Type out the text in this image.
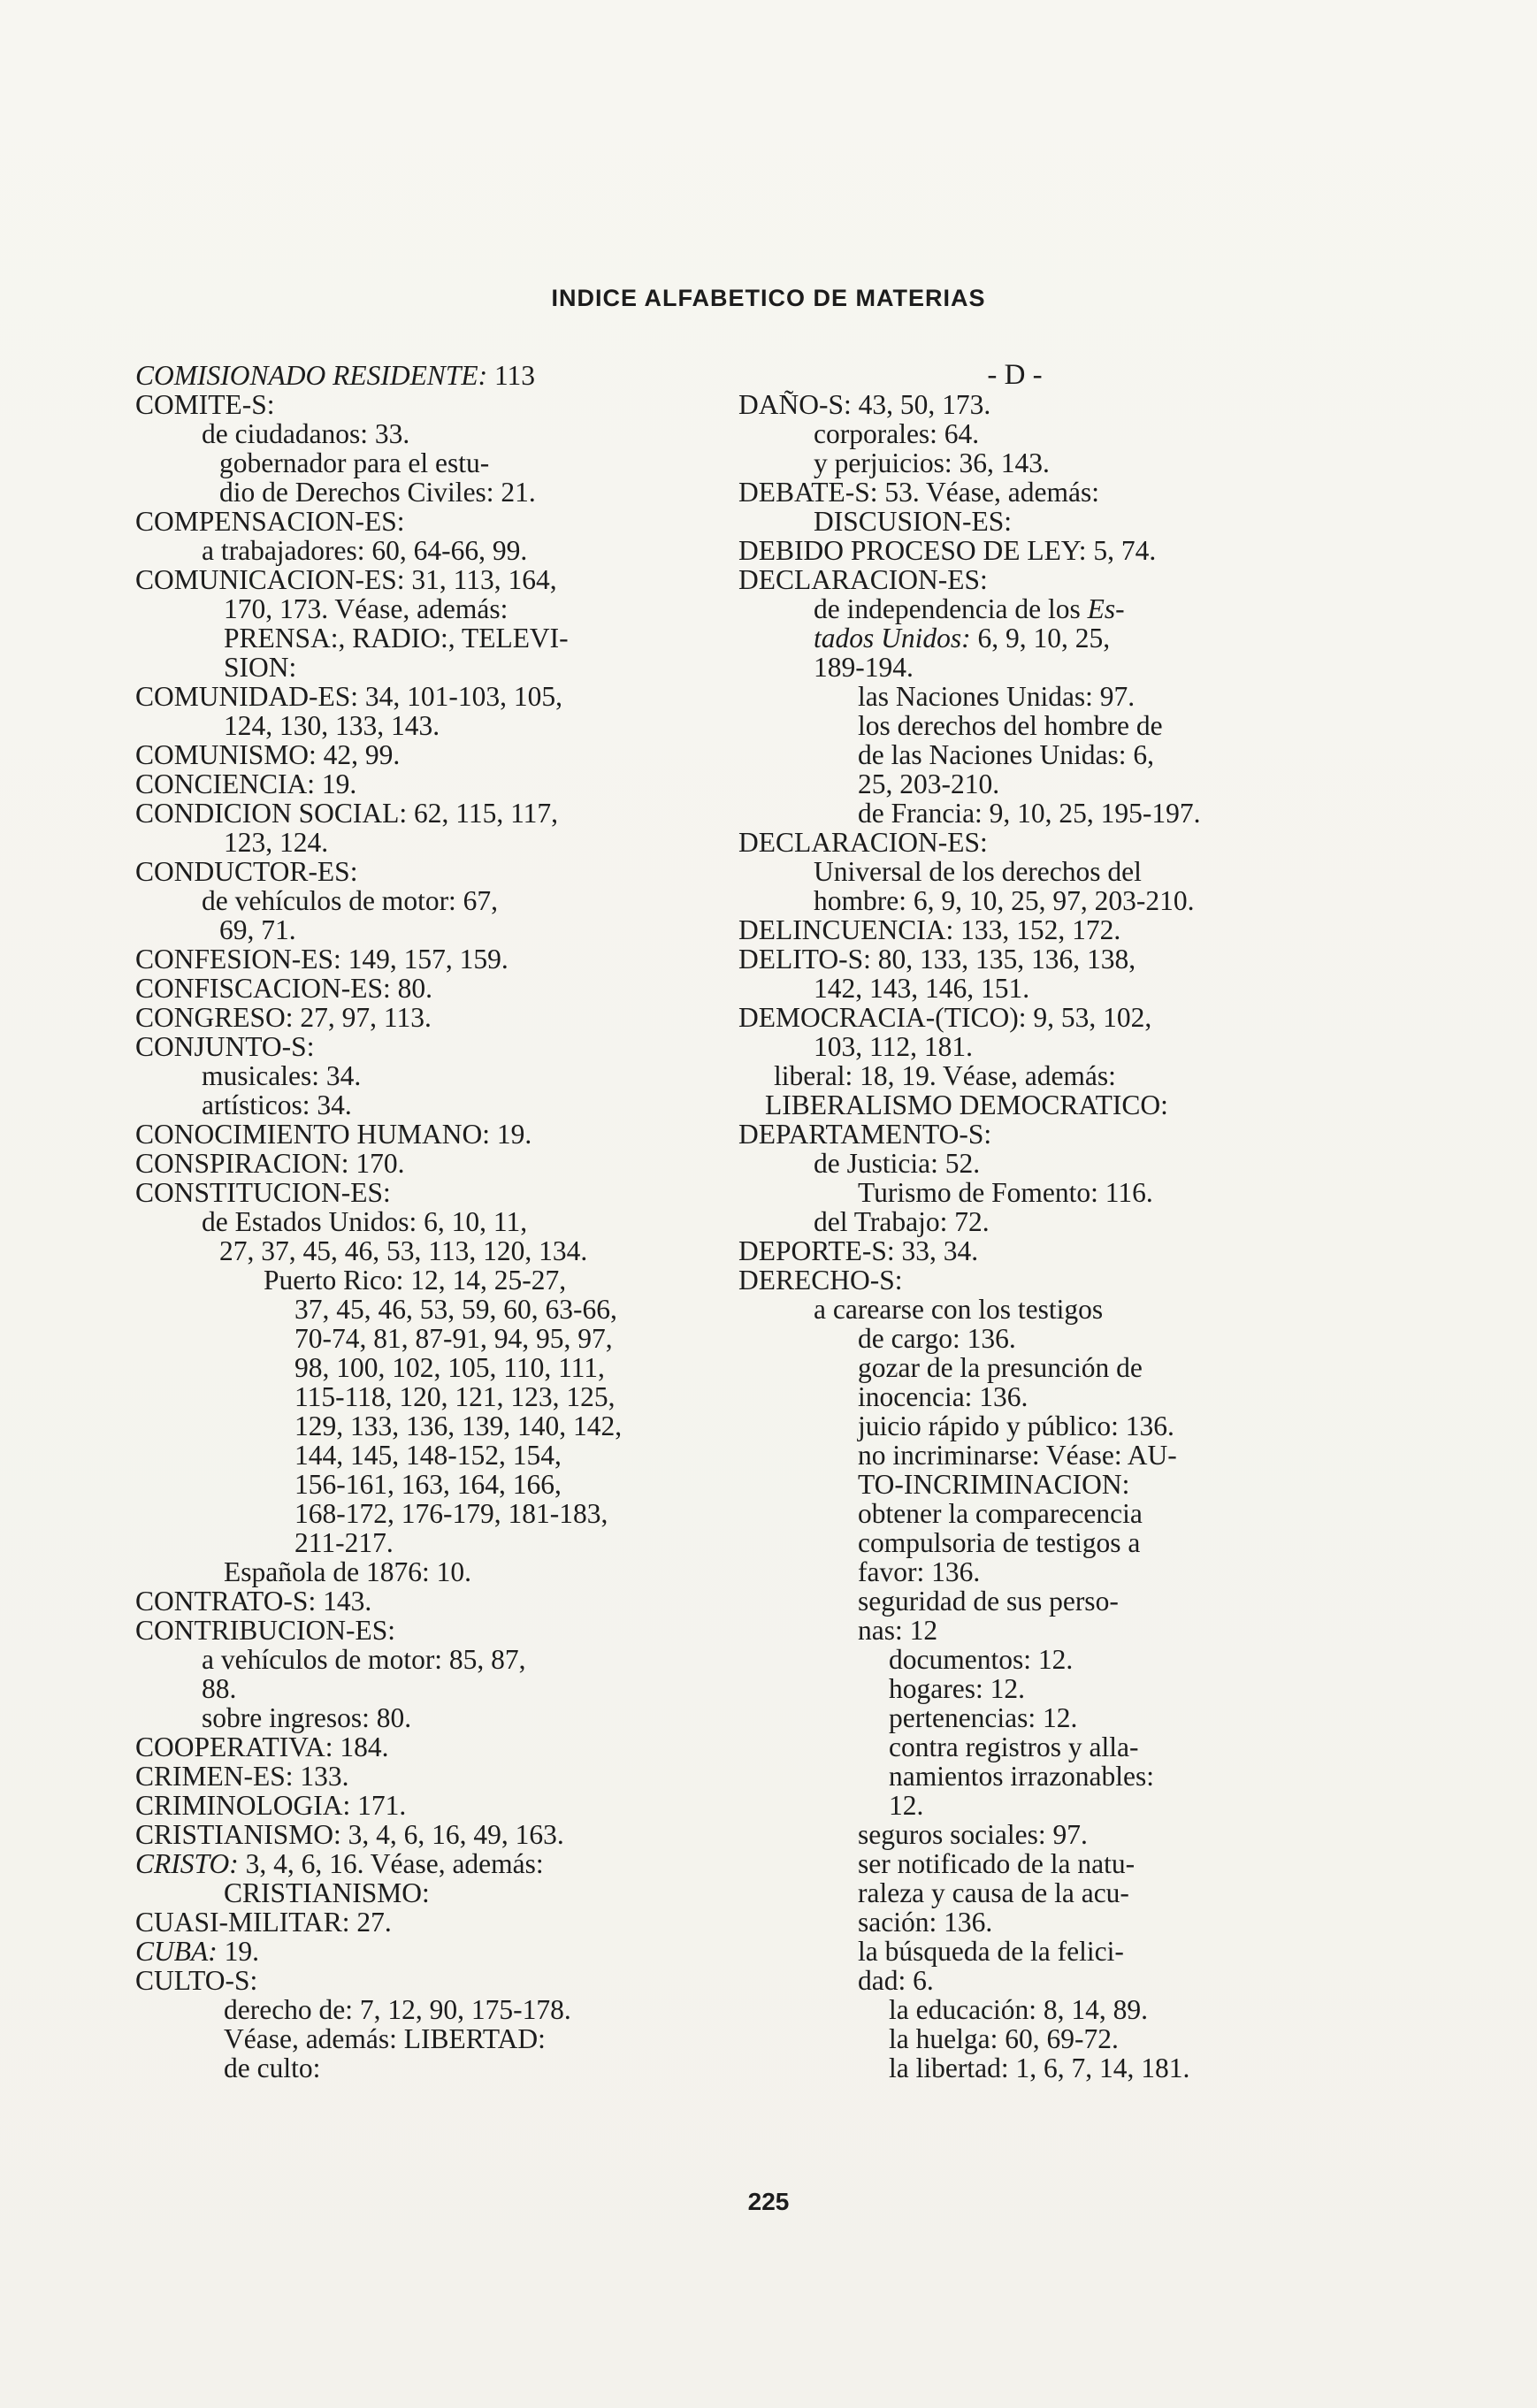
INDICE ALFABETICO DE MATERIAS
COMISIONADO RESIDENTE: 113
COMITE-S:
de ciudadanos: 33.
gobernador para el estu-
dio de Derechos Civiles: 21.
COMPENSACION-ES:
a trabajadores: 60, 64-66, 99.
COMUNICACION-ES: 31, 113, 164,
170, 173. Véase, además:
PRENSA:, RADIO:, TELEVI-
SION:
COMUNIDAD-ES: 34, 101-103, 105,
124, 130, 133, 143.
COMUNISMO: 42, 99.
CONCIENCIA: 19.
CONDICION SOCIAL: 62, 115, 117,
123, 124.
CONDUCTOR-ES:
de vehículos de motor: 67,
69, 71.
CONFESION-ES: 149, 157, 159.
CONFISCACION-ES: 80.
CONGRESO: 27, 97, 113.
CONJUNTO-S:
musicales: 34.
artísticos: 34.
CONOCIMIENTO HUMANO: 19.
CONSPIRACION: 170.
CONSTITUCION-ES:
de Estados Unidos: 6, 10, 11,
27, 37, 45, 46, 53, 113, 120, 134.
Puerto Rico: 12, 14, 25-27,
37, 45, 46, 53, 59, 60, 63-66,
70-74, 81, 87-91, 94, 95, 97,
98, 100, 102, 105, 110, 111,
115-118, 120, 121, 123, 125,
129, 133, 136, 139, 140, 142,
144, 145, 148-152, 154,
156-161, 163, 164, 166,
168-172, 176-179, 181-183,
211-217.
Española de 1876: 10.
CONTRATO-S: 143.
CONTRIBUCION-ES:
a vehículos de motor: 85, 87,
88.
sobre ingresos: 80.
COOPERATIVA: 184.
CRIMEN-ES: 133.
CRIMINOLOGIA: 171.
CRISTIANISMO: 3, 4, 6, 16, 49, 163.
CRISTO: 3, 4, 6, 16. Véase, además:
CRISTIANISMO:
CUASI-MILITAR: 27.
CUBA: 19.
CULTO-S:
derecho de: 7, 12, 90, 175-178.
Véase, además: LIBERTAD:
de culto:
- D -
DAÑO-S: 43, 50, 173.
corporales: 64.
y perjuicios: 36, 143.
DEBATE-S: 53. Véase, además:
DISCUSION-ES:
DEBIDO PROCESO DE LEY: 5, 74.
DECLARACION-ES:
de independencia de los Es-
tados Unidos: 6, 9, 10, 25,
189-194.
las Naciones Unidas: 97.
los derechos del hombre de
de las Naciones Unidas: 6,
25, 203-210.
de Francia: 9, 10, 25, 195-197.
DECLARACION-ES:
Universal de los derechos del
hombre: 6, 9, 10, 25, 97, 203-210.
DELINCUENCIA: 133, 152, 172.
DELITO-S: 80, 133, 135, 136, 138,
142, 143, 146, 151.
DEMOCRACIA-(TICO): 9, 53, 102,
103, 112, 181.
liberal: 18, 19. Véase, además:
LIBERALISMO DEMOCRATICO:
DEPARTAMENTO-S:
de Justicia: 52.
Turismo de Fomento: 116.
del Trabajo: 72.
DEPORTE-S: 33, 34.
DERECHO-S:
a carearse con los testigos
de cargo: 136.
gozar de la presunción de
inocencia: 136.
juicio rápido y público: 136.
no incriminarse: Véase: AU-
TO-INCRIMINACION:
obtener la comparecencia
compulsoria de testigos a
favor: 136.
seguridad de sus perso-
nas: 12
documentos: 12.
hogares: 12.
pertenencias: 12.
contra registros y alla-
namientos irrazonables:
12.
seguros sociales: 97.
ser notificado de la natu-
raleza y causa de la acu-
sación: 136.
la búsqueda de la felici-
dad: 6.
la educación: 8, 14, 89.
la huelga: 60, 69-72.
la libertad: 1, 6, 7, 14, 181.
225
